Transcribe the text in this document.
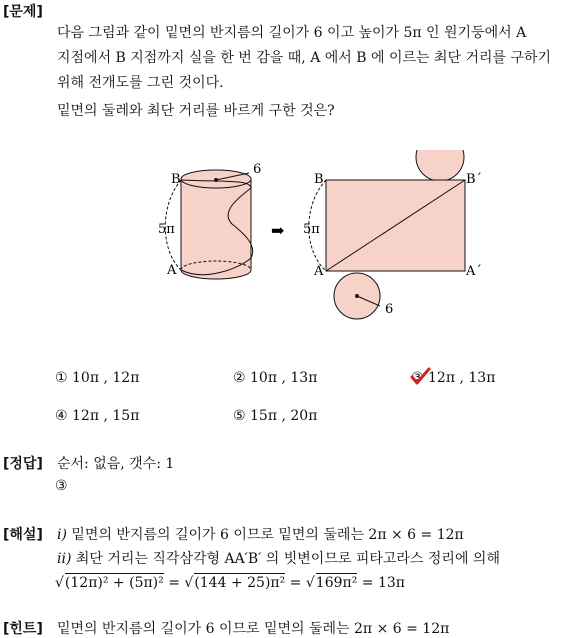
[문제]
다음 그림과 같이 밑면의 반지름의 길이가 6 이고 높이가 5π 인 원기둥에서 A
지점에서 B 지점까지 실을 한 번 감을 때, A 에서 B 에 이르는 최단 거리를 구하기
위해 전개도를 그린 것이다.
밑면의 둘레와 최단 거리를 바르게 구한 것은?
B
A
5π
6
➡
B	B´
A	A´
5π
6
① 10π , 12π	② 10π , 13π	③ 12π , 13π
④ 12π , 15π	⑤ 15π , 20π
[정답] 순서: 없음, 갯수: 1
③
[해설] i) 밑면의 반지름의 길이가 6 이므로 밑면의 둘레는 2π × 6 = 12π
ii) 최단 거리는 직각삼각형 AA′B′ 의 빗변이므로 피타고라스 정리에 의해
√(12π)² + (5π)² = √(144 + 25)π² = √169π² = 13π
[힌트] 밑면의 반지름의 길이가 6 이므로 밑면의 둘레는 2π × 6 = 12π
